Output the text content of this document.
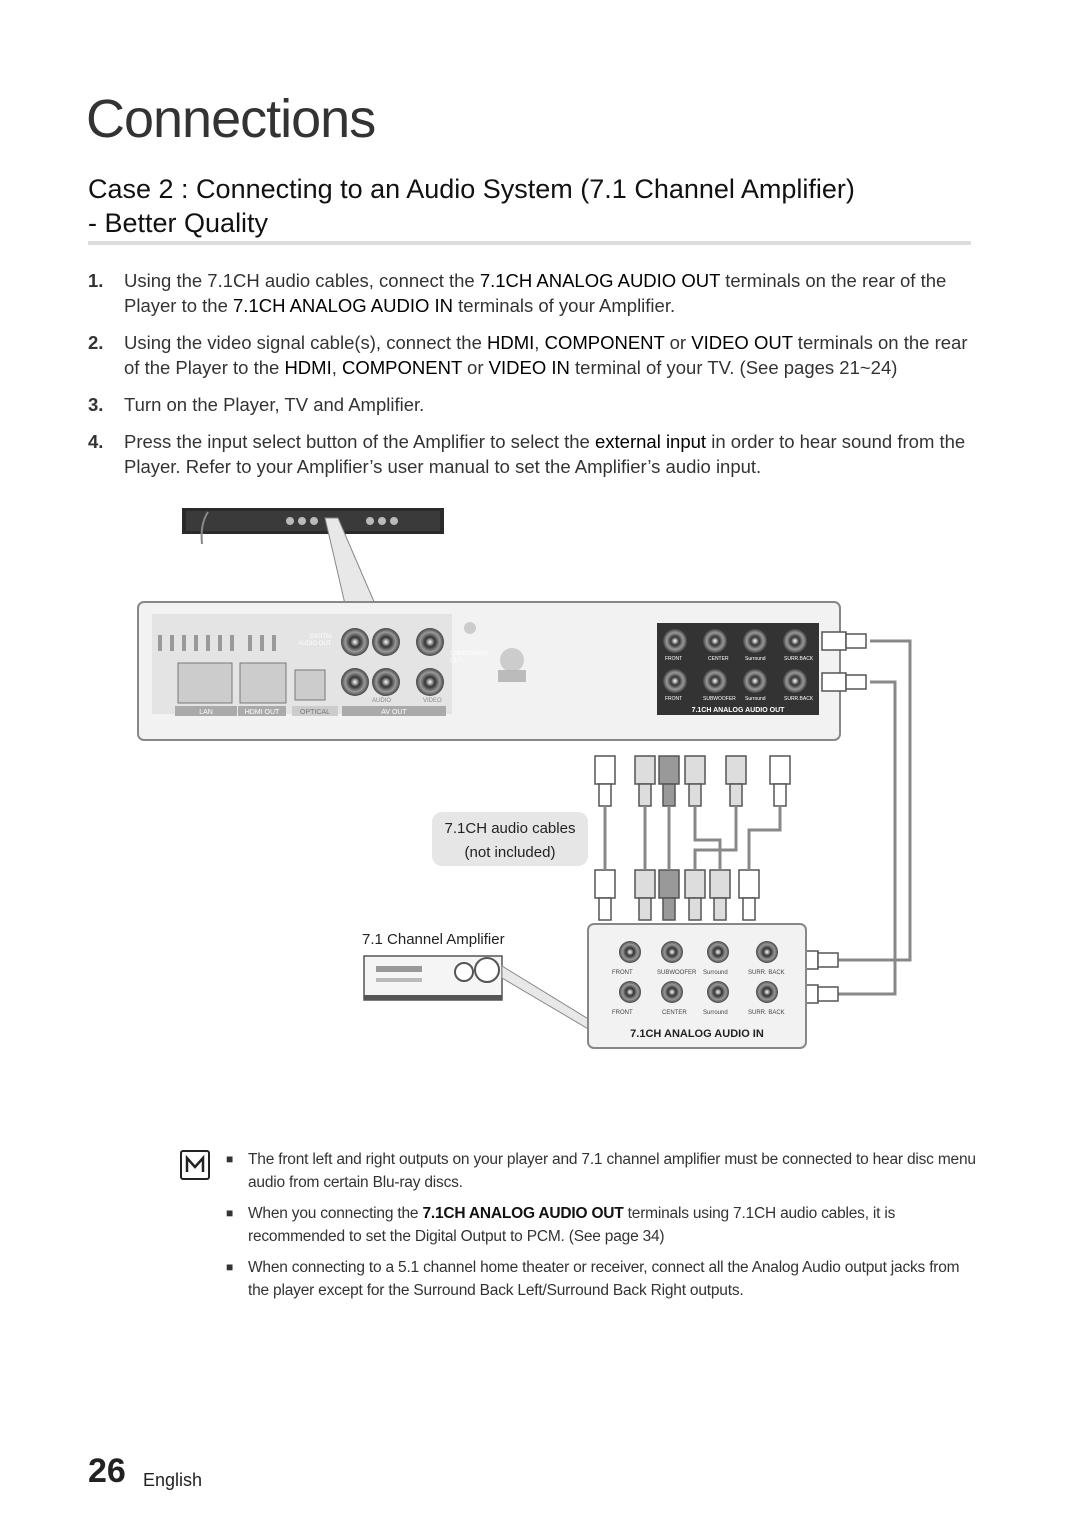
Connections
Case 2 : Connecting to an Audio System (7.1 Channel Amplifier)
- Better Quality
1. Using the 7.1CH audio cables, connect the 7.1CH ANALOG AUDIO OUT terminals on the rear of the Player to the 7.1CH ANALOG AUDIO IN terminals of your Amplifier.
2. Using the video signal cable(s), connect the HDMI, COMPONENT or VIDEO OUT terminals on the rear of the Player to the HDMI, COMPONENT or VIDEO IN terminal of your TV. (See pages 21~24)
3. Turn on the Player, TV and Amplifier.
4. Press the input select button of the Amplifier to select the external input in order to hear sound from the Player. Refer to your Amplifier’s user manual to set the Amplifier’s audio input.
LAN	HDMI OUT	OPTICAL	AV OUT
DIGITAL
AUDIO OUT
COMPONENT
OUT
AUDIO	VIDEO
FRONT	CENTER	Surround	SURR.BACK
FRONT	SUBWOOFER Surround	SURR.BACK
7.1CH ANALOG AUDIO OUT
7.1CH audio cables
(not included)
7.1 Channel Amplifier
FRONT	SUBWOOFER Surround	SURR. BACK
FRONT	CENTER	Surround	SURR. BACK
7.1CH ANALOG AUDIO IN
■ The front left and right outputs on your player and 7.1 channel amplifier must be connected to hear disc menu audio from certain Blu-ray discs.
■ When you connecting the 7.1CH ANALOG AUDIO OUT terminals using 7.1CH audio cables, it is recommended to set the Digital Output to PCM. (See page 34)
■ When connecting to a 5.1 channel home theater or receiver, connect all the Analog Audio output jacks from the player except for the Surround Back Left/Surround Back Right outputs.
26 English
